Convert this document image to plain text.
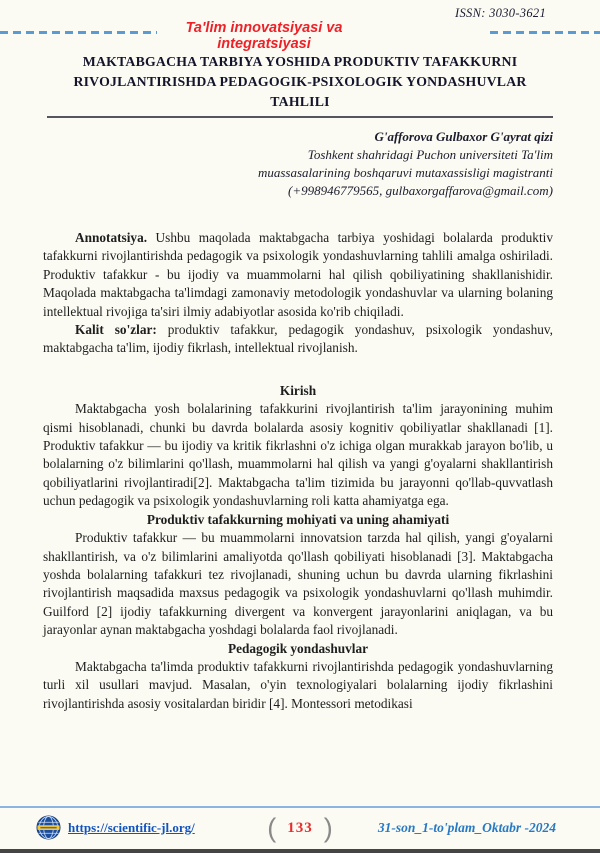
ISSN: 3030-3621
Ta'lim innovatsiyasi va integratsiyasi
MAKTABGACHA TARBIYA YOSHIDA PRODUKTIV TAFAKKURNI
RIVOJLANTIRISHDA PEDAGOGIK-PSIXOLOGIK YONDASHUVLAR
TAHLILI
G'afforova Gulbaxor G'ayrat qizi
Toshkent shahridagi Puchon universiteti Ta'lim
muassasalarining boshqaruvi mutaxassisligi magistranti
(+998946779565, gulbaxorgaffarova@gmail.com)

Annotatsiya. Ushbu maqolada maktabgacha tarbiya yoshidagi bolalarda produktiv tafakkurni rivojlantirishda pedagogik va psixologik yondashuvlarning tahlili amalga oshiriladi. Produktiv tafakkur - bu ijodiy va muammolarni hal qilish qobiliyatining shakllanishidir. Maqolada maktabgacha ta'limdagi zamonaviy metodologik yondashuvlar va ularning bolaning intellektual rivojiga ta'siri ilmiy adabiyotlar asosida ko'rib chiqiladi.

Kalit so'zlar: produktiv tafakkur, pedagogik yondashuv, psixologik yondashuv, maktabgacha ta'lim, ijodiy fikrlash, intellektual rivojlanish.

Kirish

Maktabgacha yosh bolalarining tafakkurini rivojlantirish ta'lim jarayonining muhim qismi hisoblanadi, chunki bu davrda bolalarda asosiy kognitiv qobiliyatlar shakllanadi [1]. Produktiv tafakkur — bu ijodiy va kritik fikrlashni o'z ichiga olgan murakkab jarayon bo'lib, u bolalarning o'z bilimlarini qo'llash, muammolarni hal qilish va yangi g'oyalarni shakllantirish qobiliyatlarini rivojlantiradi[2]. Maktabgacha ta'lim tizimida bu jarayonni qo'llab-quvvatlash uchun pedagogik va psixologik yondashuvlarning roli katta ahamiyatga ega.

Produktiv tafakkurning mohiyati va uning ahamiyati

Produktiv tafakkur — bu muammolarni innovatsion tarzda hal qilish, yangi g'oyalarni shakllantirish, va o'z bilimlarini amaliyotda qo'llash qobiliyati hisoblanadi [3]. Maktabgacha yoshda bolalarning tafakkuri tez rivojlanadi, shuning uchun bu davrda ularning fikrlashini rivojlantirish maqsadida maxsus pedagogik va psixologik yondashuvlarni qo'llash muhimdir. Guilford [2] ijodiy tafakkurning divergent va konvergent jarayonlarini aniqlagan, va bu jarayonlar aynan maktabgacha yoshdagi bolalarda faol rivojlanadi.

Pedagogik yondashuvlar

Maktabgacha ta'limda produktiv tafakkurni rivojlantirishda pedagogik yondashuvlarning turli xil usullari mavjud. Masalan, o'yin texnologiyalari bolalarning ijodiy fikrlashini rivojlantirishda asosiy vositalardan biridir [4]. Montessori metodikasi

https://scientific-jl.org/	( 133 )	31-son_1-to'plam_Oktabr -2024
